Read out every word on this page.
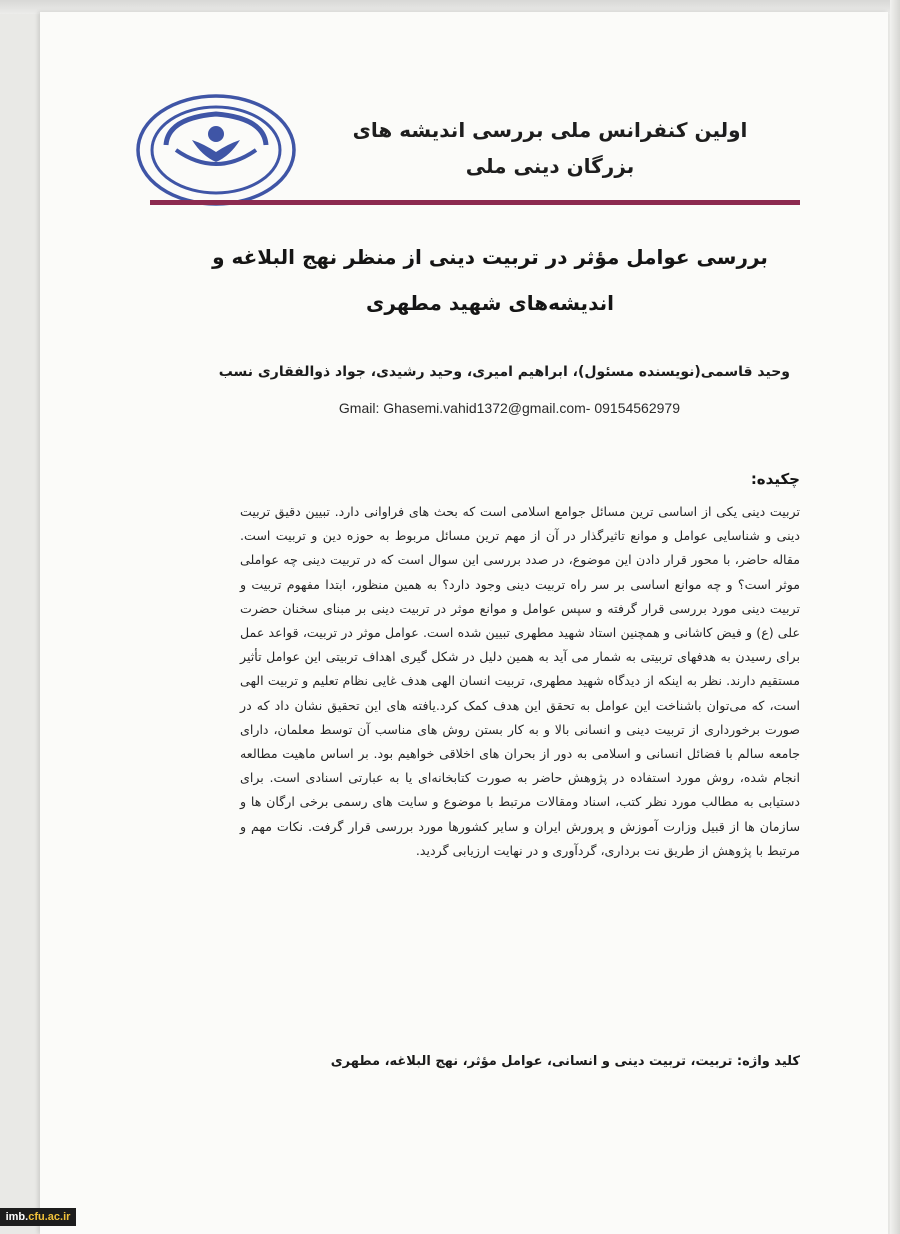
اولین کنفرانس ملی بررسی اندیشه های
بزرگان دینی ملی
بررسی عوامل مؤثر در تربیت دینی از منظر نهج البلاغه و
اندیشه‌های شهید مطهری
وحید قاسمی(نویسنده مسئول)، ابراهیم امیری، وحید رشیدی، جواد ذوالفقاری نسب
Gmail: Ghasemi.vahid1372@gmail.com- 09154562979
چکیده:
تربیت دینی یکی از اساسی ترین مسائل جوامع اسلامی است که بحث های فراوانی دارد. تبیین دقیق تربیت دینی و شناسایی عوامل و موانع تاثیرگذار در آن از مهم ترین مسائل مربوط به حوزه دین و تربیت است. مقاله حاضر، با محور قرار دادن این موضوع، در صدد بررسی این سوال است که در تربیت دینی چه عواملی موثر است؟ و چه موانع اساسی بر سر راه تربیت دینی وجود دارد؟ به همین منظور، ابتدا مفهوم تربیت و تربیت دینی مورد بررسی قرار گرفته و سپس عوامل و موانع موثر در تربیت دینی بر مبنای سخنان حضرت علی (ع) و فیض کاشانی و همچنین استاد شهید مطهری تبیین شده است. عوامل موثر در تربیت، قواعد عمل برای رسیدن به هدفهای تربیتی به شمار می آید به همین دلیل در شکل گیری اهداف تربیتی این عوامل تأثیر مستقیم دارند. نظر به اینکه از دیدگاه شهید مطهری، تربیت انسان الهی هدف غایی نظام تعلیم و تربیت الهی است، که می‌توان باشناخت این عوامل به تحقق این هدف کمک کرد.یافته های این تحقیق نشان داد که در صورت برخورداری از تربیت دینی و انسانی بالا و به کار بستن روش های مناسب آن توسط معلمان، دارای جامعه سالم با فضائل انسانی و اسلامی به دور از بحران های اخلاقی خواهیم بود. بر اساس ماهیت مطالعه انجام شده، روش مورد استفاده در پژوهش حاضر به صورت کتابخانه‌ای یا به عبارتی اسنادی است. برای دستیابی به مطالب مورد نظر کتب، اسناد ومقالات مرتبط با موضوع و سایت های رسمی برخی ارگان ها و سازمان ها از قبیل وزارت آموزش و پرورش ایران و سایر کشورها مورد بررسی قرار گرفت. نکات مهم و مرتبط با پژوهش از طریق نت برداری، گردآوری و در نهایت ارزیابی گردید.
کلید واژه: تربیت، تربیت دینی و انسانی، عوامل مؤثر، نهج البلاغه، مطهری
imb.cfu.ac.ir
